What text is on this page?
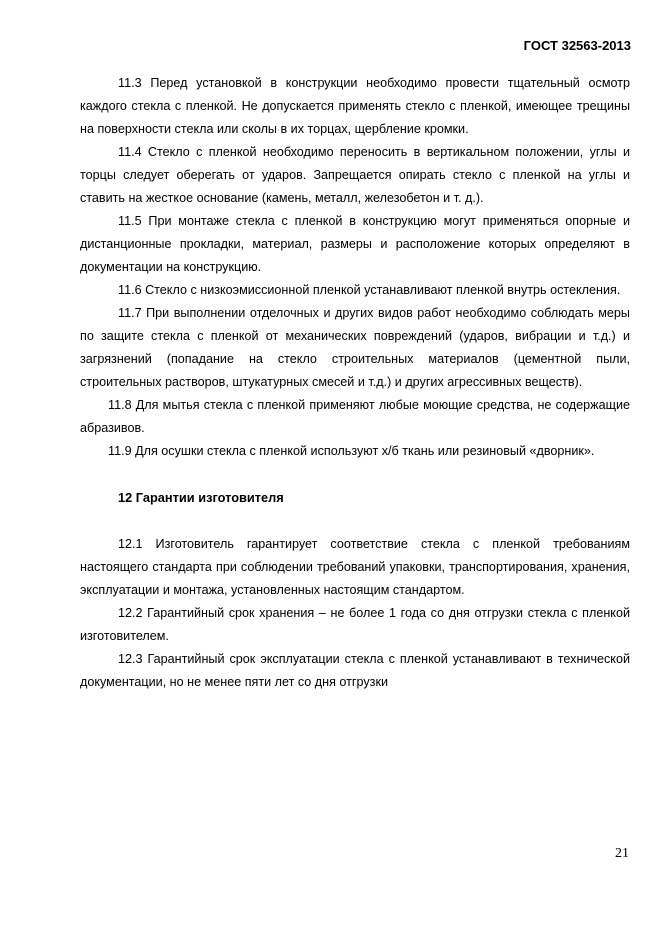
ГОСТ 32563-2013

11.3 Перед установкой в конструкции необходимо провести тщательный осмотр каждого стекла с пленкой. Не допускается применять стекло с пленкой, имеющее трещины на поверхности стекла или сколы в их торцах, щербление кромки.

11.4 Стекло с пленкой необходимо переносить в вертикальном положении, углы и торцы следует оберегать от ударов. Запрещается опирать стекло с пленкой на углы и ставить на жесткое основание (камень, металл, железобетон и т. д.).

11.5 При монтаже стекла с пленкой в конструкцию могут применяться опорные и дистанционные прокладки, материал, размеры и расположение которых определяют в документации на конструкцию.

11.6 Стекло с низкоэмиссионной пленкой устанавливают пленкой внутрь остекления.

11.7 При выполнении отделочных и других видов работ необходимо соблюдать меры по защите стекла с пленкой от механических повреждений (ударов, вибрации и т.д.) и загрязнений (попадание на стекло строительных материалов (цементной пыли, строительных растворов, штукатурных смесей и т.д.) и других агрессивных веществ).

11.8 Для мытья стекла с пленкой применяют любые моющие средства, не содержащие абразивов.

11.9 Для осушки стекла с пленкой используют х/б ткань или резиновый «дворник».

12 Гарантии изготовителя

12.1 Изготовитель гарантирует соответствие стекла с пленкой требованиям настоящего стандарта при соблюдении требований упаковки, транспортирования, хранения, эксплуатации и монтажа, установленных настоящим стандартом.

12.2 Гарантийный срок хранения – не более 1 года со дня отгрузки стекла с пленкой изготовителем.

12.3 Гарантийный срок эксплуатации стекла с пленкой устанавливают в технической документации, но не менее пяти лет со дня отгрузки

21
